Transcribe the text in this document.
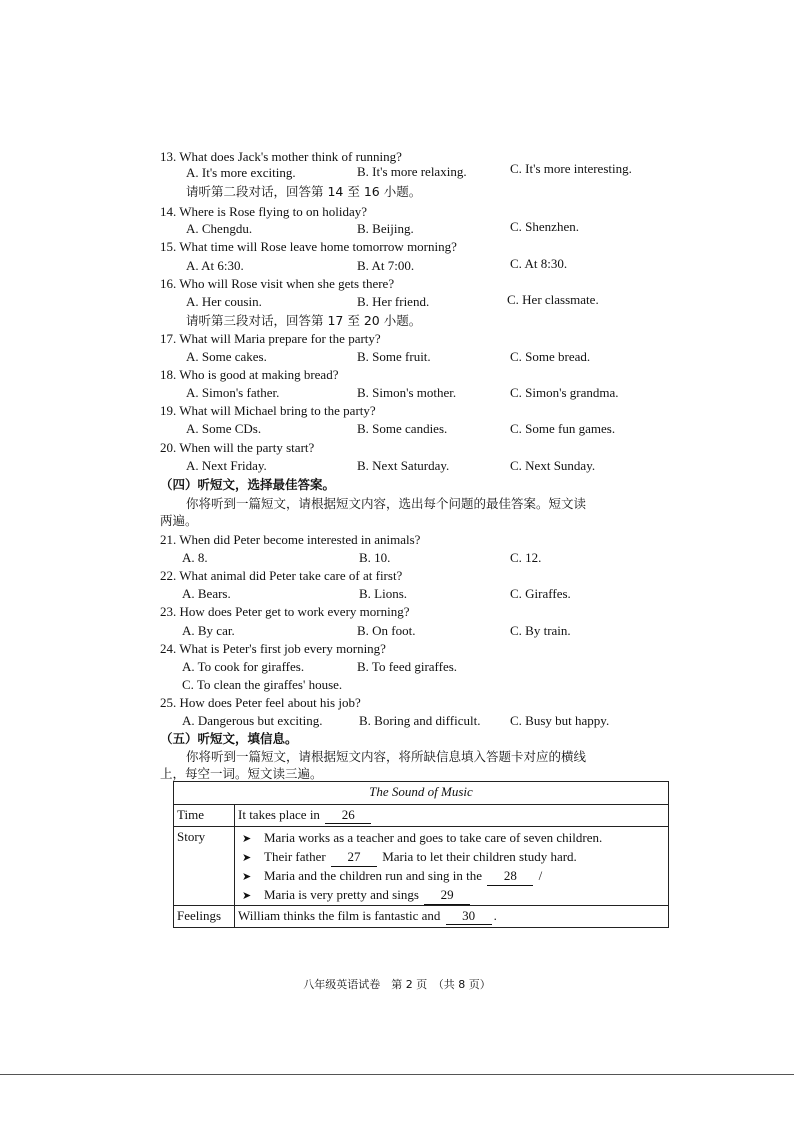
13. What does Jack's mother think of running?
A. It's more exciting.	B. It's more relaxing.	C. It's more interesting.
请听第二段对话，回答第 14 至 16 小题。
14. Where is Rose flying to on holiday?
A. Chengdu.	B. Beijing.	C. Shenzhen.
15. What time will Rose leave home tomorrow morning?
A. At 6:30.	B. At 7:00.	C. At 8:30.
16. Who will Rose visit when she gets there?
A. Her cousin.	B. Her friend.	C. Her classmate.
请听第三段对话，回答第 17 至 20 小题。
17. What will Maria prepare for the party?
A. Some cakes.	B. Some fruit.	C. Some bread.
18. Who is good at making bread?
A. Simon's father.	B. Simon's mother.	C. Simon's grandma.
19. What will Michael bring to the party?
A. Some CDs.	B. Some candies.	C. Some fun games.
20. When will the party start?
A. Next Friday.	B. Next Saturday.	C. Next Sunday.
（四）听短文，选择最佳答案。
你将听到一篇短文，请根据短文内容，选出每个问题的最佳答案。短文读
两遍。
21. When did Peter become interested in animals?
A. 8.	B. 10.	C. 12.
22. What animal did Peter take care of at first?
A. Bears.	B. Lions.	C. Giraffes.
23. How does Peter get to work every morning?
A. By car.	B. On foot.	C. By train.
24. What is Peter's first job every morning?
A. To cook for giraffes.	B. To feed giraffes.
C. To clean the giraffes' house.
25. How does Peter feel about his job?
A. Dangerous but exciting.	B. Boring and difficult. C. Busy but happy.
（五）听短文，填信息。
你将听到一篇短文，请根据短文内容，将所缺信息填入答题卡对应的横线
上，每空一词。短文读三遍。
The Sound of Music	
Time	It takes place in 26
Story	➤ Maria works as a teacher and goes to take care of seven children.
➤ Their father 27 Maria to let their children study hard.
➤ Maria and the children run and sing in the 28 /
➤ Maria is very pretty and sings 29

Feelings	William thinks the film is fantastic and 30 .
八年级英语试卷　第 2 页　（共 8 页）
